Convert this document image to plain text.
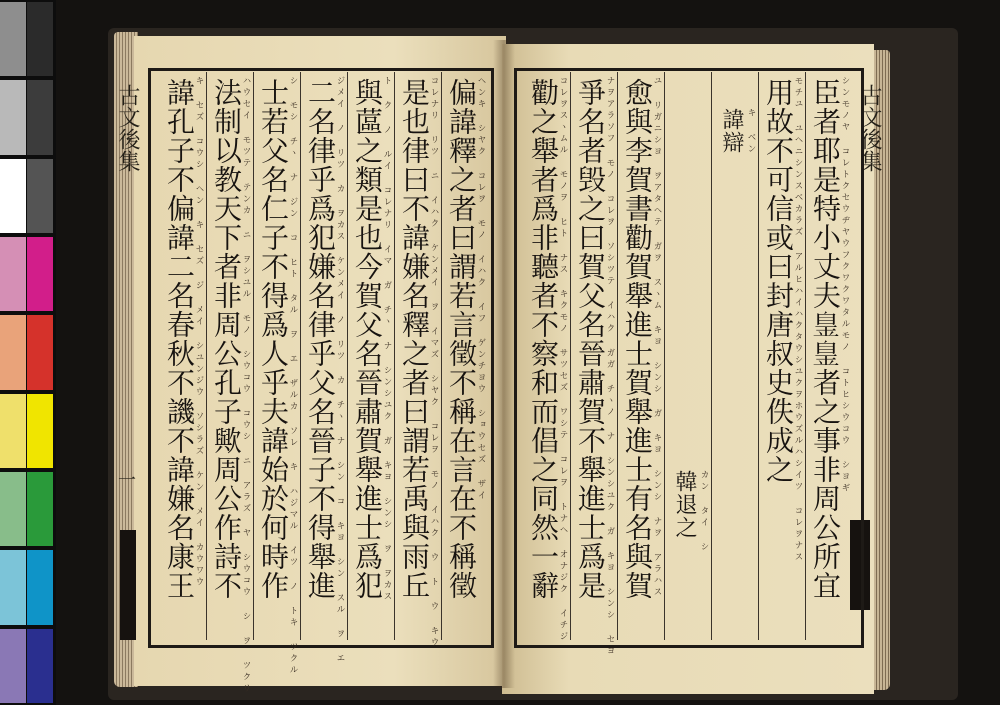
古文後集
古文後集
一	臣者耶是特小丈夫𦤐𦤐者之事非周公所宜
シンモノヤ コレトクセウヂヤウフクワクワタルモノ コトヒシウコウ シヨギ
用故不可信或曰封唐叔史佚成之
モチユ ユヘニシンスベカラズ アルヒハイハクタウシユクヲホウズルハシイツ コレヲナス
諱辯 キ ベン
韓退之 カン タイ シ
愈與李賀書勸賀舉進士賀舉進士有名與賀
ユ リガニシヨ ヲアタヘテ ガヲ スヽム キヨ シンシ ガ キヨ シンシ ナヲ アラハス
爭名者毁之曰賀父名晉肅賀不舉進士爲是
ナヲアラソフ モノ コレヲ ソシツテ イハク ガガ チヽノ ナ シンシユク ガ キヨ シンシ セヨ
勸之舉者爲非聽者不察和而倡之同然一辭
コレヲスヽムル モノヲ ヒト ナス キクモノ サツセズ ワシテ コレヲ トナヘ オナジク イチジ
偏諱釋之者曰謂若言徵不稱在言在不稱徵
ヘンキ シヤク コレヲ モノ イハク イフ ゲンチヨウ ショウセズ ザイ
是也律曰不諱嫌名釋之者曰謂若禹與雨丘
コレナリ リツ ニ イハク ケンメイ ヲ イマズ シヤク コレヲ モノ イハク ウ ト ウ キウ
與蓲之類是也今賀父名晉肅賀舉進士爲犯
ト ク ノ ルイ コレナリ イマ ガ チヽ ナ シンシユク ガ キヨ シンシ ヲ ヲカス
二名律乎爲犯嫌名律乎父名晉子不得舉進
ジメイ ノ リツ カ ヲカス ケンメイ ノ リツ カ チヽ ナ シン コ キヨ シン スル ヲ エ
士若父名仁子不得爲人乎夫諱始於何時作
シ モシ チヽ ナ ジン コ ヒト タル ヲ エ ザルカ ソレ キ ハジマル イツ ノ トキ ツクル
法制以教天下者非周公孔子歟周公作詩不
ハウセイ モツテ テンカ ニ ヲシユル モノ シウコウ コウシ ニ アラズ ヤ シウコウ シ ヲ ツクリ
諱孔子不偏諱二名春秋不譏不諱嫌名康王
キ セズ コウシ ヘン キ セズ ジ メイ シユンジウ ソシラズ ケン メイ カウワウ
